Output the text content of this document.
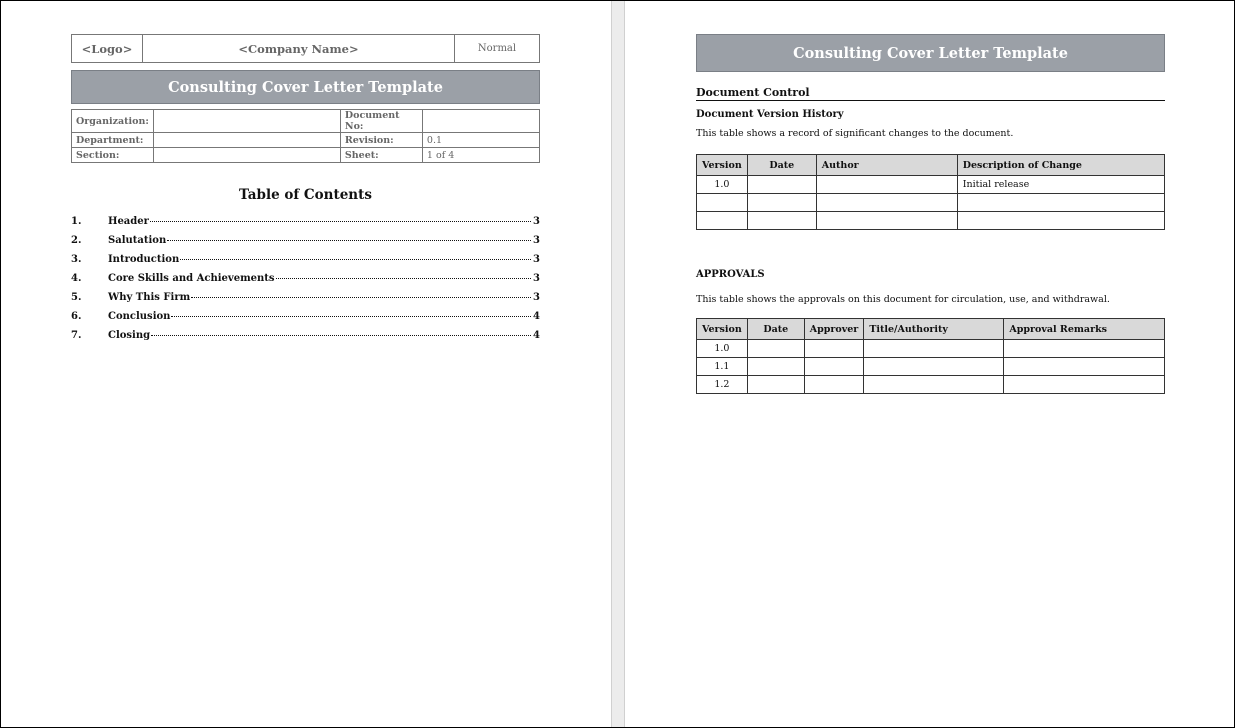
<Logo>	<Company Name>	Normal
Consulting Cover Letter Template
Organization:		Document No:	
Department:		Revision:	0.1
Section:		Sheet:	1 of 4
Table of Contents
1.	Header	3
2.	Salutation	3
3.	Introduction	3
4.	Core Skills and Achievements	3
5.	Why This Firm	3
6.	Conclusion	4
7.	Closing	4
Consulting Cover Letter Template
Document Control
Document Version History
This table shows a record of significant changes to the document.
Version	Date	Author	Description of Change
1.0			Initial release

APPROVALS
This table shows the approvals on this document for circulation, use, and withdrawal.
Version	Date	Approver	Title/Authority	Approval Remarks
1.0				
1.1				
1.2				
